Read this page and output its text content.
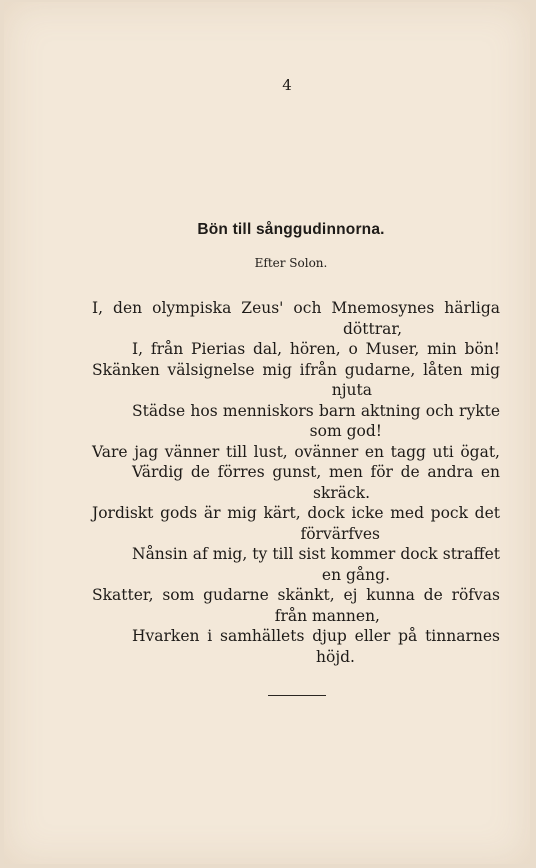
4
Bön till sånggudinnorna.
Efter Solon.
I, den olympiska Zeus' och Mnemosynes härliga
döttrar,
I, från Pierias dal, hören, o Muser, min bön!
Skänken välsignelse mig ifrån gudarne, låten mig
njuta
Städse hos menniskors barn aktning och rykte
som god!
Vare jag vänner till lust, ovänner en tagg uti ögat,
Värdig de förres gunst, men för de andra en
skräck.
Jordiskt gods är mig kärt, dock icke med pock det
förvärfves
Nånsin af mig, ty till sist kommer dock straffet
en gång.
Skatter, som gudarne skänkt, ej kunna de röfvas
från mannen,
Hvarken i samhällets djup eller på tinnarnes
höjd.
